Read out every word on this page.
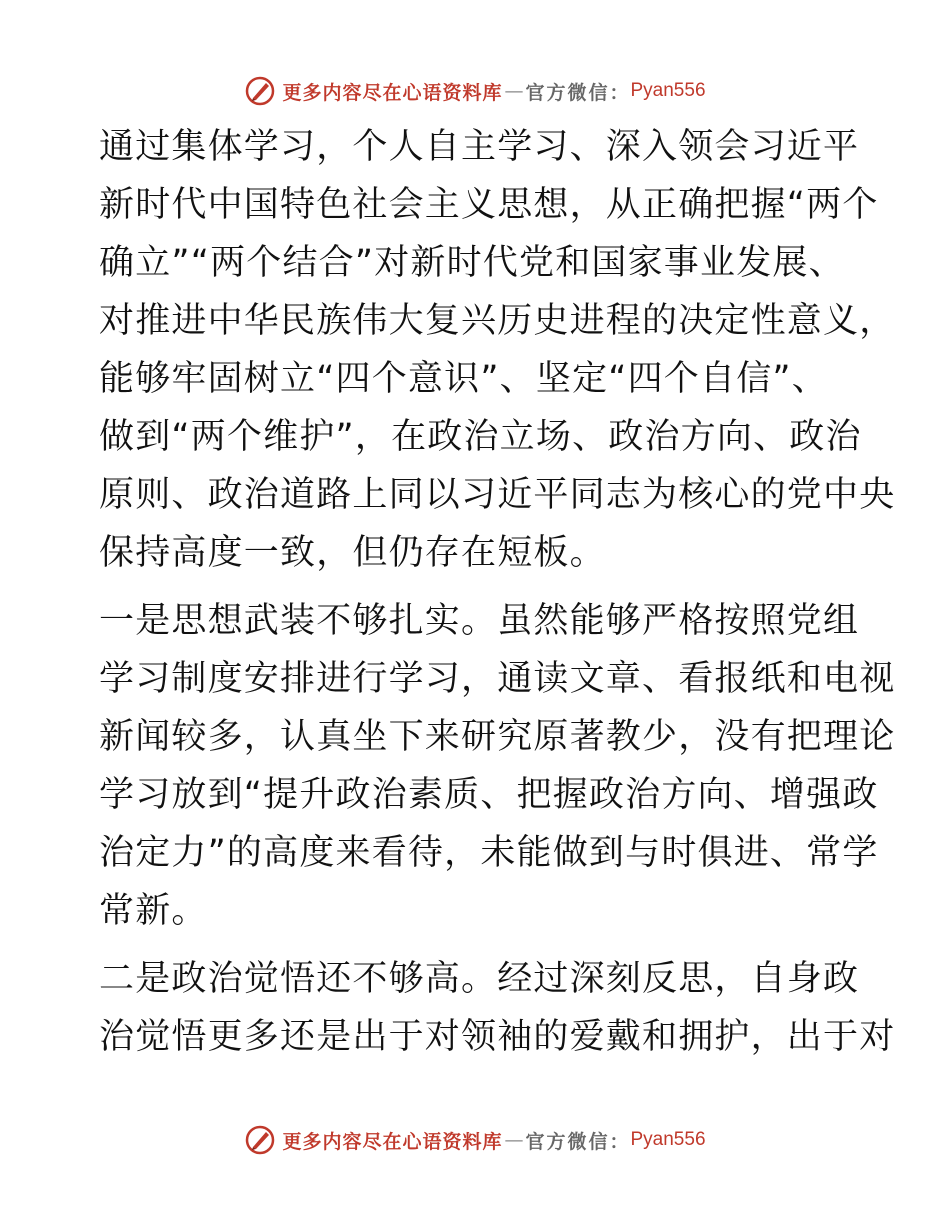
更多内容尽在心语资料库 — 官方微信： Pyan556
通过集体学习，个人自主学习、深入领会习近平
新时代中国特色社会主义思想，从正确把握“两个
确立”“两个结合”对新时代党和国家事业发展、
对推进中华民族伟大复兴历史进程的决定性意义，
能够牢固树立“四个意识”、坚定“四个自信”、
做到“两个维护”，在政治立场、政治方向、政治
原则、政治道路上同以习近平同志为核心的党中央
保持高度一致，但仍存在短板。
一是思想武装不够扎实。虽然能够严格按照党组
学习制度安排进行学习，通读文章、看报纸和电视
新闻较多，认真坐下来研究原著教少，没有把理论
学习放到“提升政治素质、把握政治方向、增强政
治定力”的高度来看待，未能做到与时俱进、常学
常新。
二是政治觉悟还不够高。经过深刻反思，自身政
治觉悟更多还是出于对领袖的爱戴和拥护，出于对
更多内容尽在心语资料库 — 官方微信： Pyan556
